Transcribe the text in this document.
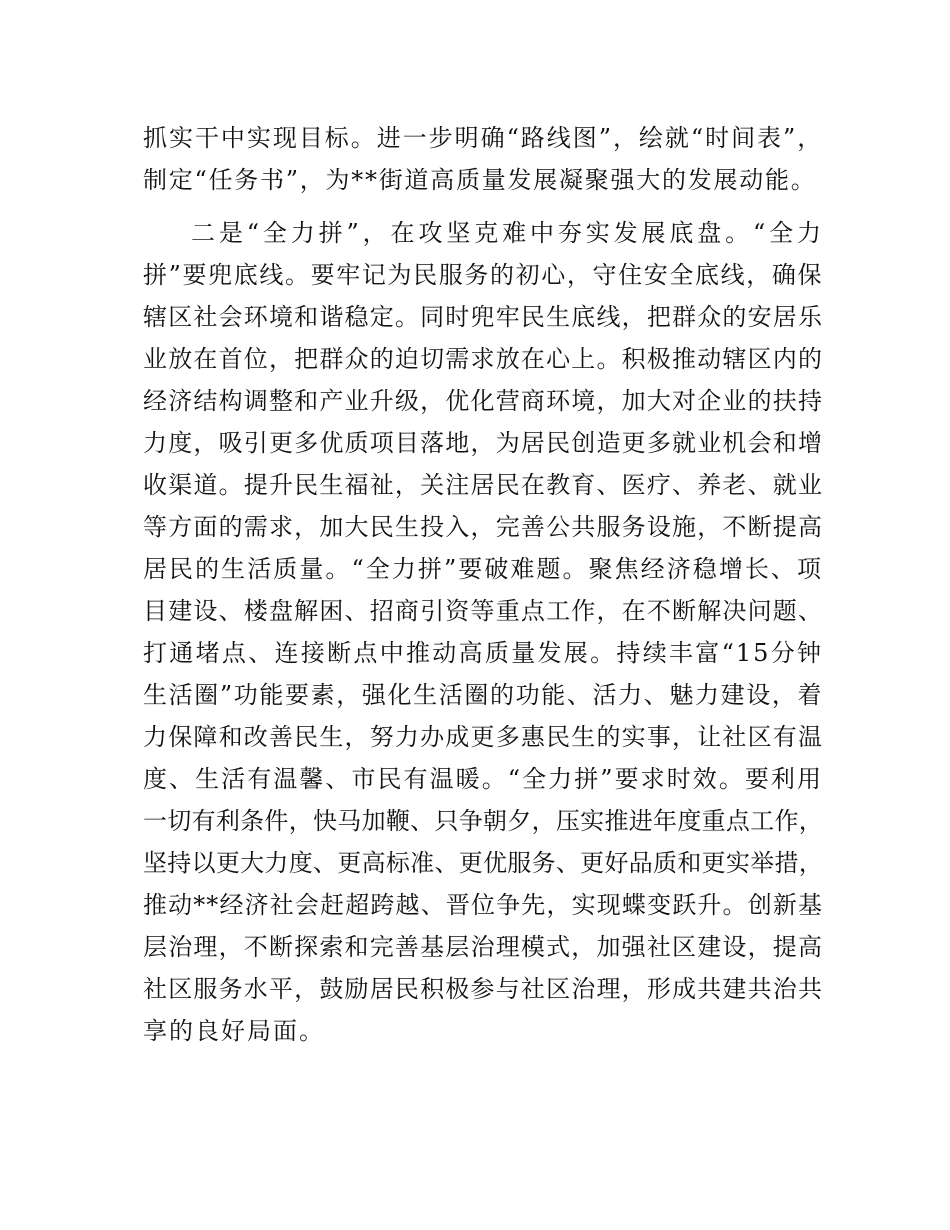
抓实干中实现目标。进一步明确“路线图”，绘就“时间表”，
制定“任务书”，为**街道高质量发展凝聚强大的发展动能。
二是“全力拼”，在攻坚克难中夯实发展底盘。“全力
拼”要兜底线。要牢记为民服务的初心，守住安全底线，确保
辖区社会环境和谐稳定。同时兜牢民生底线，把群众的安居乐
业放在首位，把群众的迫切需求放在心上。积极推动辖区内的
经济结构调整和产业升级，优化营商环境，加大对企业的扶持
力度，吸引更多优质项目落地，为居民创造更多就业机会和增
收渠道。提升民生福祉，关注居民在教育、医疗、养老、就业
等方面的需求，加大民生投入，完善公共服务设施，不断提高
居民的生活质量。“全力拼”要破难题。聚焦经济稳增长、项
目建设、楼盘解困、招商引资等重点工作，在不断解决问题、
打通堵点、连接断点中推动高质量发展。持续丰富“15分钟
生活圈”功能要素，强化生活圈的功能、活力、魅力建设，着
力保障和改善民生，努力办成更多惠民生的实事，让社区有温
度、生活有温馨、市民有温暖。“全力拼”要求时效。要利用
一切有利条件，快马加鞭、只争朝夕，压实推进年度重点工作，
坚持以更大力度、更高标准、更优服务、更好品质和更实举措，
推动**经济社会赶超跨越、晋位争先，实现蝶变跃升。创新基
层治理，不断探索和完善基层治理模式，加强社区建设，提高
社区服务水平，鼓励居民积极参与社区治理，形成共建共治共
享的良好局面。
